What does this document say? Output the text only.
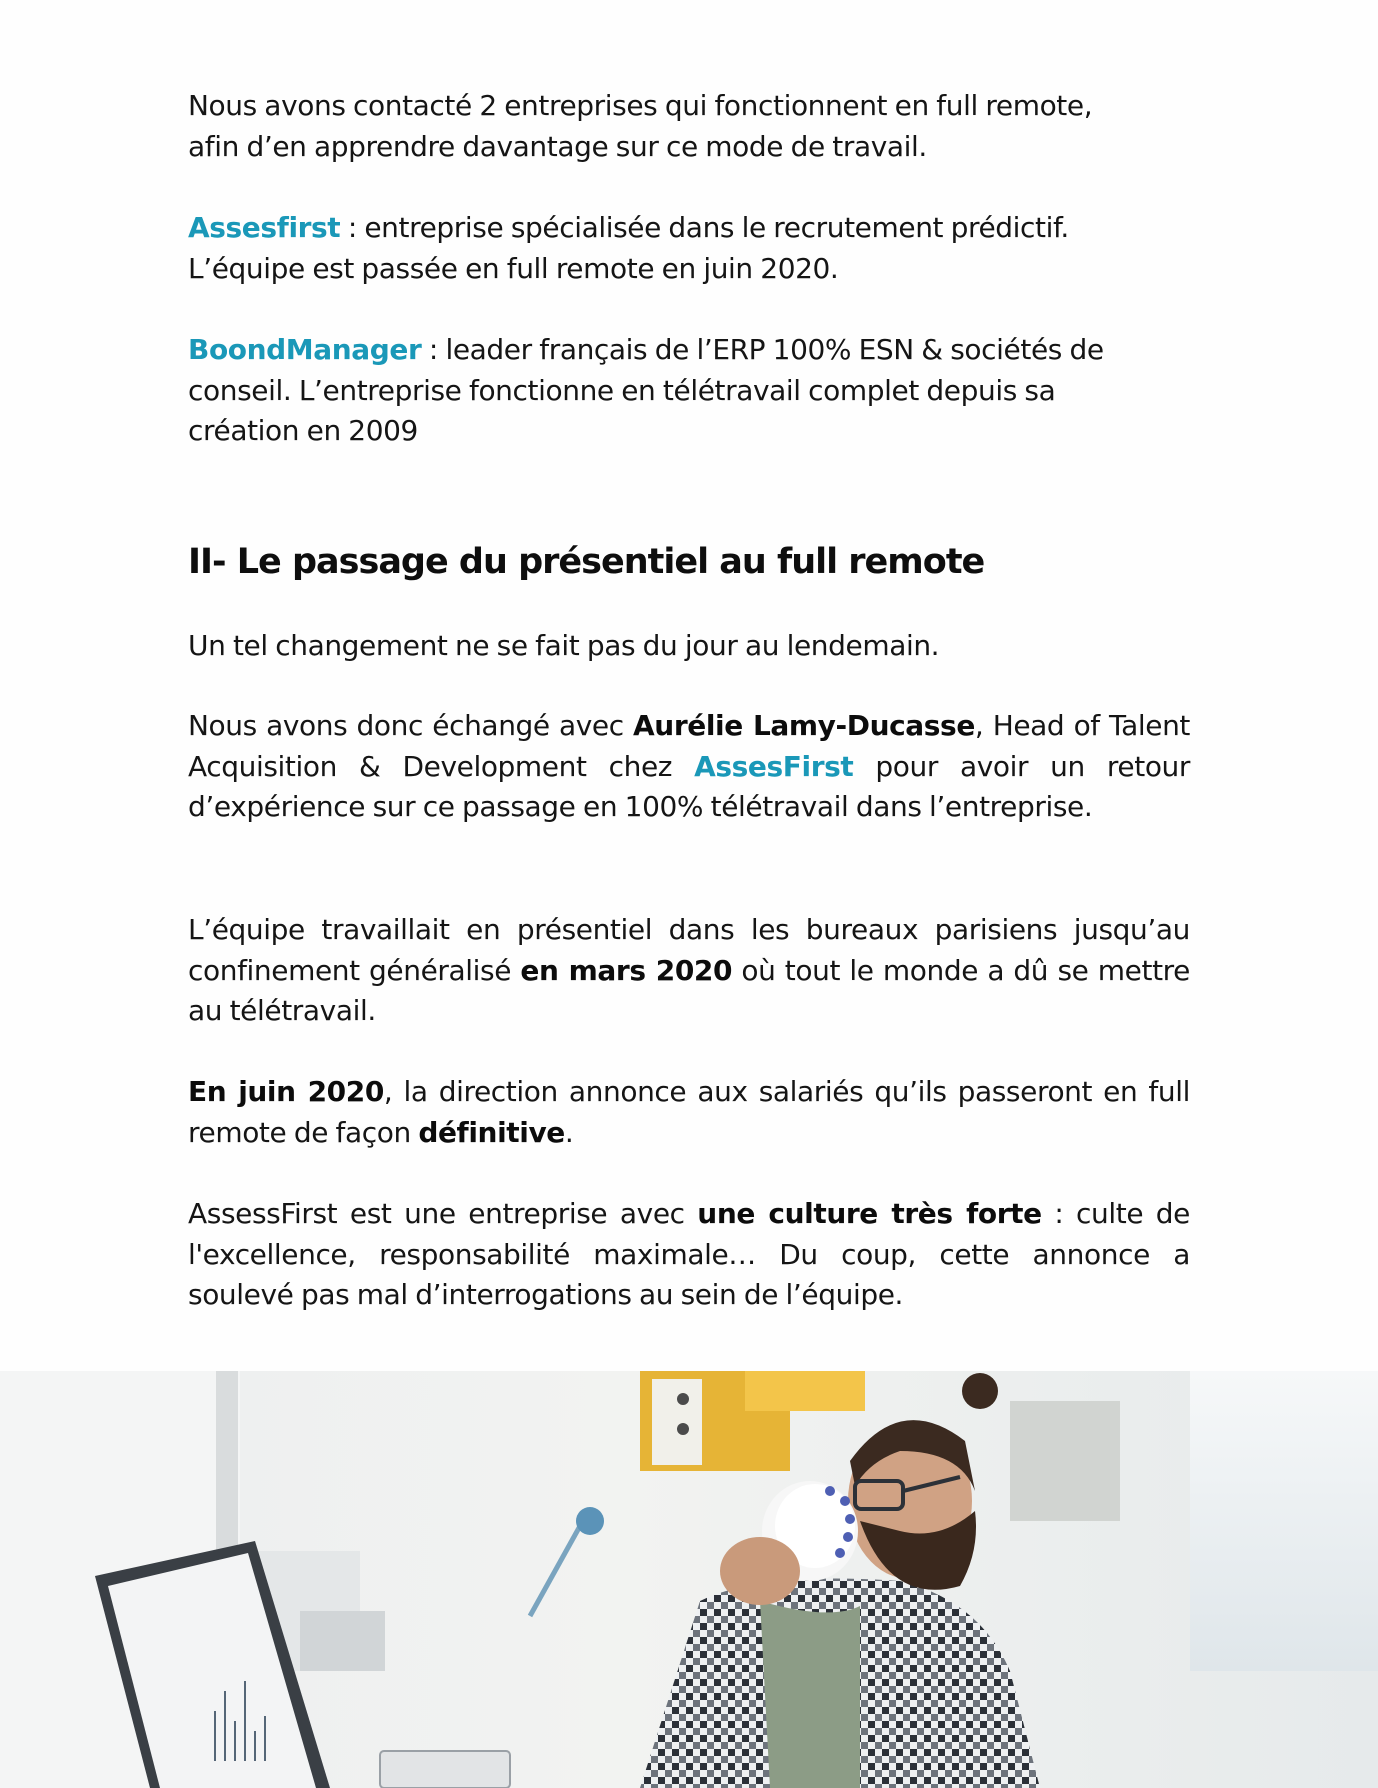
Nous avons contacté 2 entreprises qui fonctionnent en full remote,
afin d’en apprendre davantage sur ce mode de travail.

Assesfirst : entreprise spécialisée dans le recrutement prédictif.
L’équipe est passée en full remote en juin 2020.

BoondManager : leader français de l’ERP 100% ESN & sociétés de
conseil. L’entreprise fonctionne en télétravail complet depuis sa
création en 2009

II- Le passage du présentiel au full remote

Un tel changement ne se fait pas du jour au lendemain.

Nous avons donc échangé avec Aurélie Lamy-Ducasse, Head of Talent Acquisition & Development chez AssesFirst pour avoir un retour d’expérience sur ce passage en 100% télétravail dans l’entreprise.

L’équipe travaillait en présentiel dans les bureaux parisiens jusqu’au confinement généralisé en mars 2020 où tout le monde a dû se mettre au télétravail.

En juin 2020, la direction annonce aux salariés qu’ils passeront en full remote de façon définitive.

AssessFirst est une entreprise avec une culture très forte : culte de l'excellence, responsabilité maximale… Du coup, cette annonce a soulevé pas mal d’interrogations au sein de l’équipe.
